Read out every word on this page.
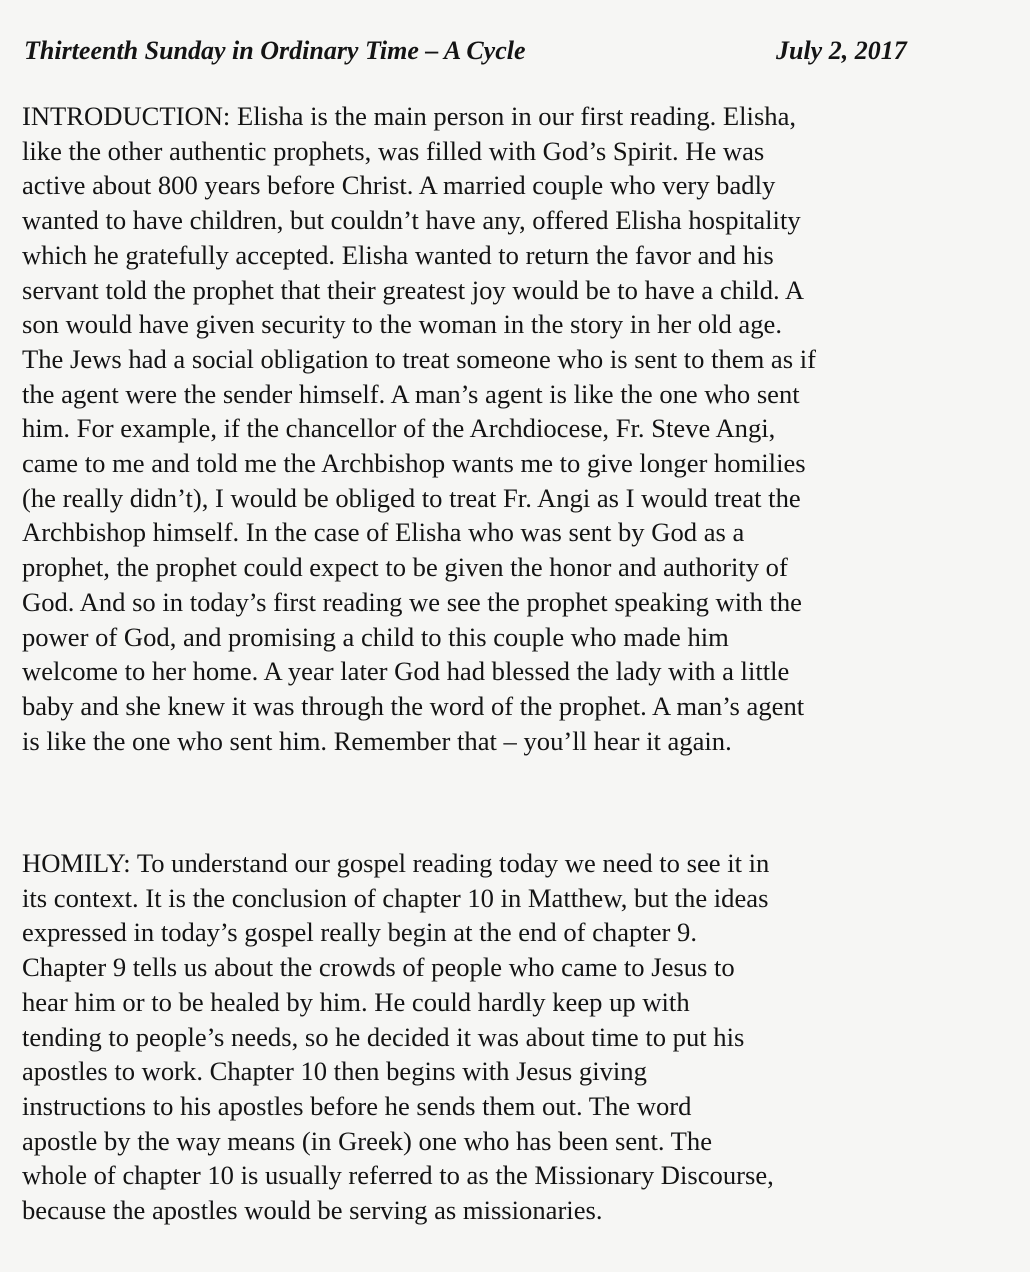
Thirteenth Sunday in Ordinary Time – A Cycle	July 2, 2017
INTRODUCTION: Elisha is the main person in our first reading. Elisha,
like the other authentic prophets, was filled with God’s Spirit. He was
active about 800 years before Christ. A married couple who very badly
wanted to have children, but couldn’t have any, offered Elisha hospitality
which he gratefully accepted. Elisha wanted to return the favor and his
servant told the prophet that their greatest joy would be to have a child. A
son would have given security to the woman in the story in her old age.
The Jews had a social obligation to treat someone who is sent to them as if
the agent were the sender himself. A man’s agent is like the one who sent
him. For example, if the chancellor of the Archdiocese, Fr. Steve Angi,
came to me and told me the Archbishop wants me to give longer homilies
(he really didn’t), I would be obliged to treat Fr. Angi as I would treat the
Archbishop himself. In the case of Elisha who was sent by God as a
prophet, the prophet could expect to be given the honor and authority of
God. And so in today’s first reading we see the prophet speaking with the
power of God, and promising a child to this couple who made him
welcome to her home. A year later God had blessed the lady with a little
baby and she knew it was through the word of the prophet. A man’s agent
is like the one who sent him. Remember that – you’ll hear it again.
HOMILY: To understand our gospel reading today we need to see it in
its context. It is the conclusion of chapter 10 in Matthew, but the ideas
expressed in today’s gospel really begin at the end of chapter 9.
Chapter 9 tells us about the crowds of people who came to Jesus to
hear him or to be healed by him. He could hardly keep up with
tending to people’s needs, so he decided it was about time to put his
apostles to work. Chapter 10 then begins with Jesus giving
instructions to his apostles before he sends them out. The word
apostle by the way means (in Greek) one who has been sent. The
whole of chapter 10 is usually referred to as the Missionary Discourse,
because the apostles would be serving as missionaries.
